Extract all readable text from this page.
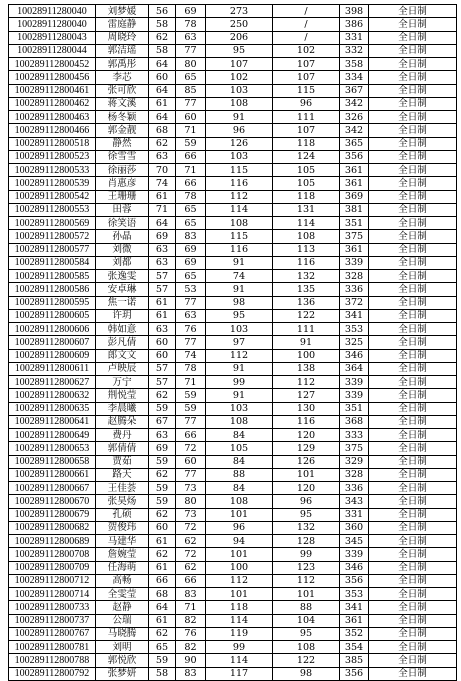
10028911280040	刘梦媛	56	69	273	/	398	全日制
10028911280040	雷庭静	58	78	250	/	386	全日制
10028911280043	周晓玲	62	63	206	/	331	全日制
10028911280044	郭洁瑶	58	77	95	102	332	全日制
100289112800452	郭禹彤	64	80	107	107	358	全日制
100289112800456	李芯	60	65	102	107	334	全日制
100289112800461	张可欣	64	85	103	115	367	全日制
100289112800462	蒋文溪	61	77	108	96	342	全日制
100289112800463	杨冬颖	64	60	91	111	326	全日制
100289112800466	郭金靓	68	71	96	107	342	全日制
100289112800518	静然	62	59	126	118	365	全日制
100289112800523	徐雪雪	63	66	103	124	356	全日制
100289112800533	徐丽莎	70	71	115	105	361	全日制
100289112800539	肖惠彦	74	66	116	105	361	全日制
100289112800542	王珊珊	61	78	112	118	369	全日制
100289112800553	田蓉	71	65	114	131	381	全日制
100289112800569	徐笑语	64	65	108	114	351	全日制
100289112800572	孙晶	69	83	115	108	375	全日制
100289112800577	刘微	63	69	116	113	361	全日制
100289112800584	刘都	63	69	91	116	339	全日制
100289112800585	张逸雯	57	65	74	132	328	全日制
100289112800586	安卓琳	57	53	91	135	336	全日制
100289112800595	焦一诺	61	77	98	136	372	全日制
100289112800605	许玥	61	63	95	122	341	全日制
100289112800606	韩如意	63	76	103	111	353	全日制
100289112800607	彭凡倩	60	77	97	91	325	全日制
100289112800609	郎文文	60	74	112	100	346	全日制
100289112800611	卢映辰	57	78	91	138	364	全日制
100289112800627	万宁	57	71	99	112	339	全日制
100289112800632	荆悦莹	62	59	91	127	339	全日制
100289112800635	李晨曦	59	59	103	130	351	全日制
100289112800641	赵腾朵	67	77	108	116	368	全日制
100289112800649	费丹	63	66	84	120	333	全日制
100289112800653	郭倩倩	69	72	105	129	375	全日制
100289112800658	贾茹	59	60	84	126	329	全日制
100289112800661	路天	62	77	88	101	328	全日制
100289112800667	王佳荟	59	73	84	120	336	全日制
100289112800670	张昊炀	59	80	108	96	343	全日制
100289112800679	孔硕	62	73	101	95	331	全日制
100289112800682	贺俊玮	60	72	96	132	360	全日制
100289112800689	马建华	61	62	94	128	345	全日制
100289112800708	詹婉莹	62	72	101	99	339	全日制
100289112800709	任海萌	61	62	100	123	346	全日制
100289112800712	高畅	66	66	112	112	356	全日制
100289112800714	全雯莹	68	83	101	101	353	全日制
100289112800733	赵静	64	71	118	88	341	全日制
100289112800737	公瑞	61	82	114	104	361	全日制
100289112800767	马晓腾	62	76	119	95	352	全日制
100289112800781	刘明	65	82	99	108	354	全日制
100289112800788	郭悦欣	59	90	114	122	385	全日制
100289112800792	张梦妍	58	83	117	98	356	全日制
